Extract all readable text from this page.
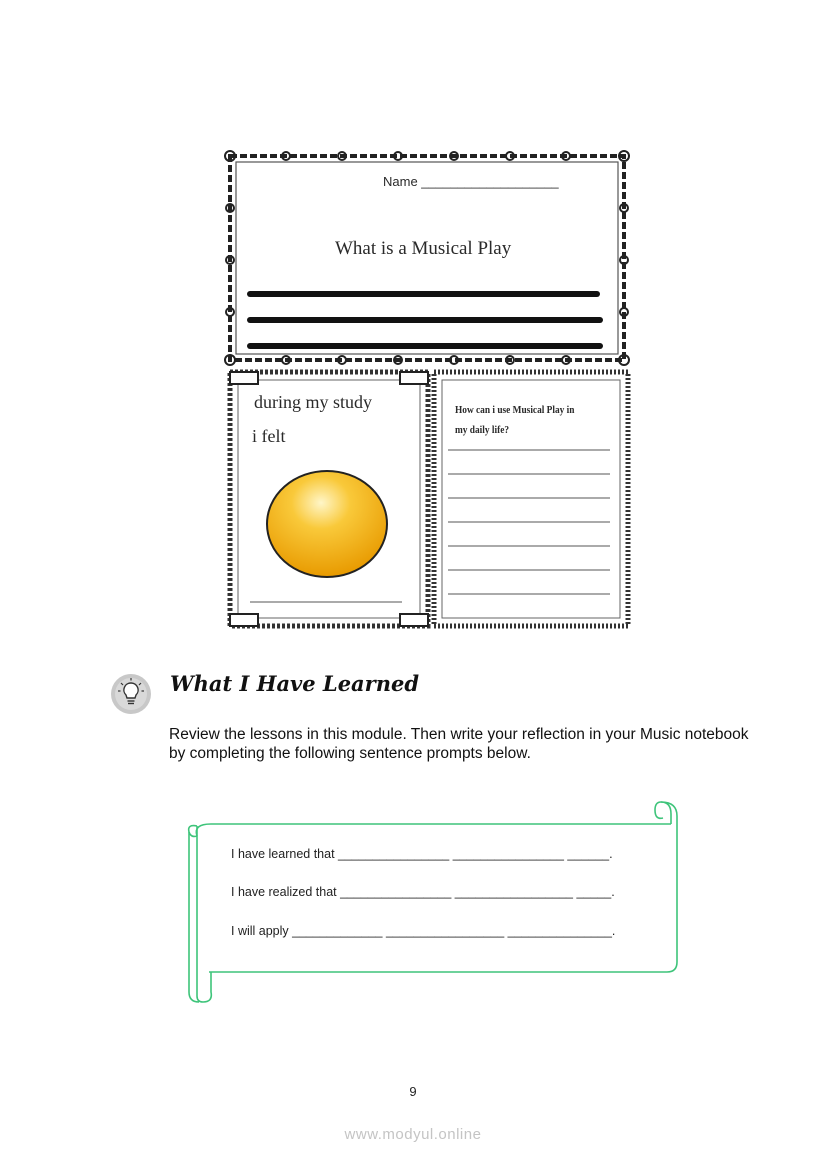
Name ___________________
What is a Musical Play
during my study
i felt
How can i use Musical Play in
my daily life?
What I Have Learned
Review the lessons in this module. Then write your reflection in your Music notebook by completing the following sentence prompts below.
I have learned that ________________ ________________ ______.
I have realized that ________________ _________________ _____.
I will apply _____________ _________________ _______________.
9
www.modyul.online
